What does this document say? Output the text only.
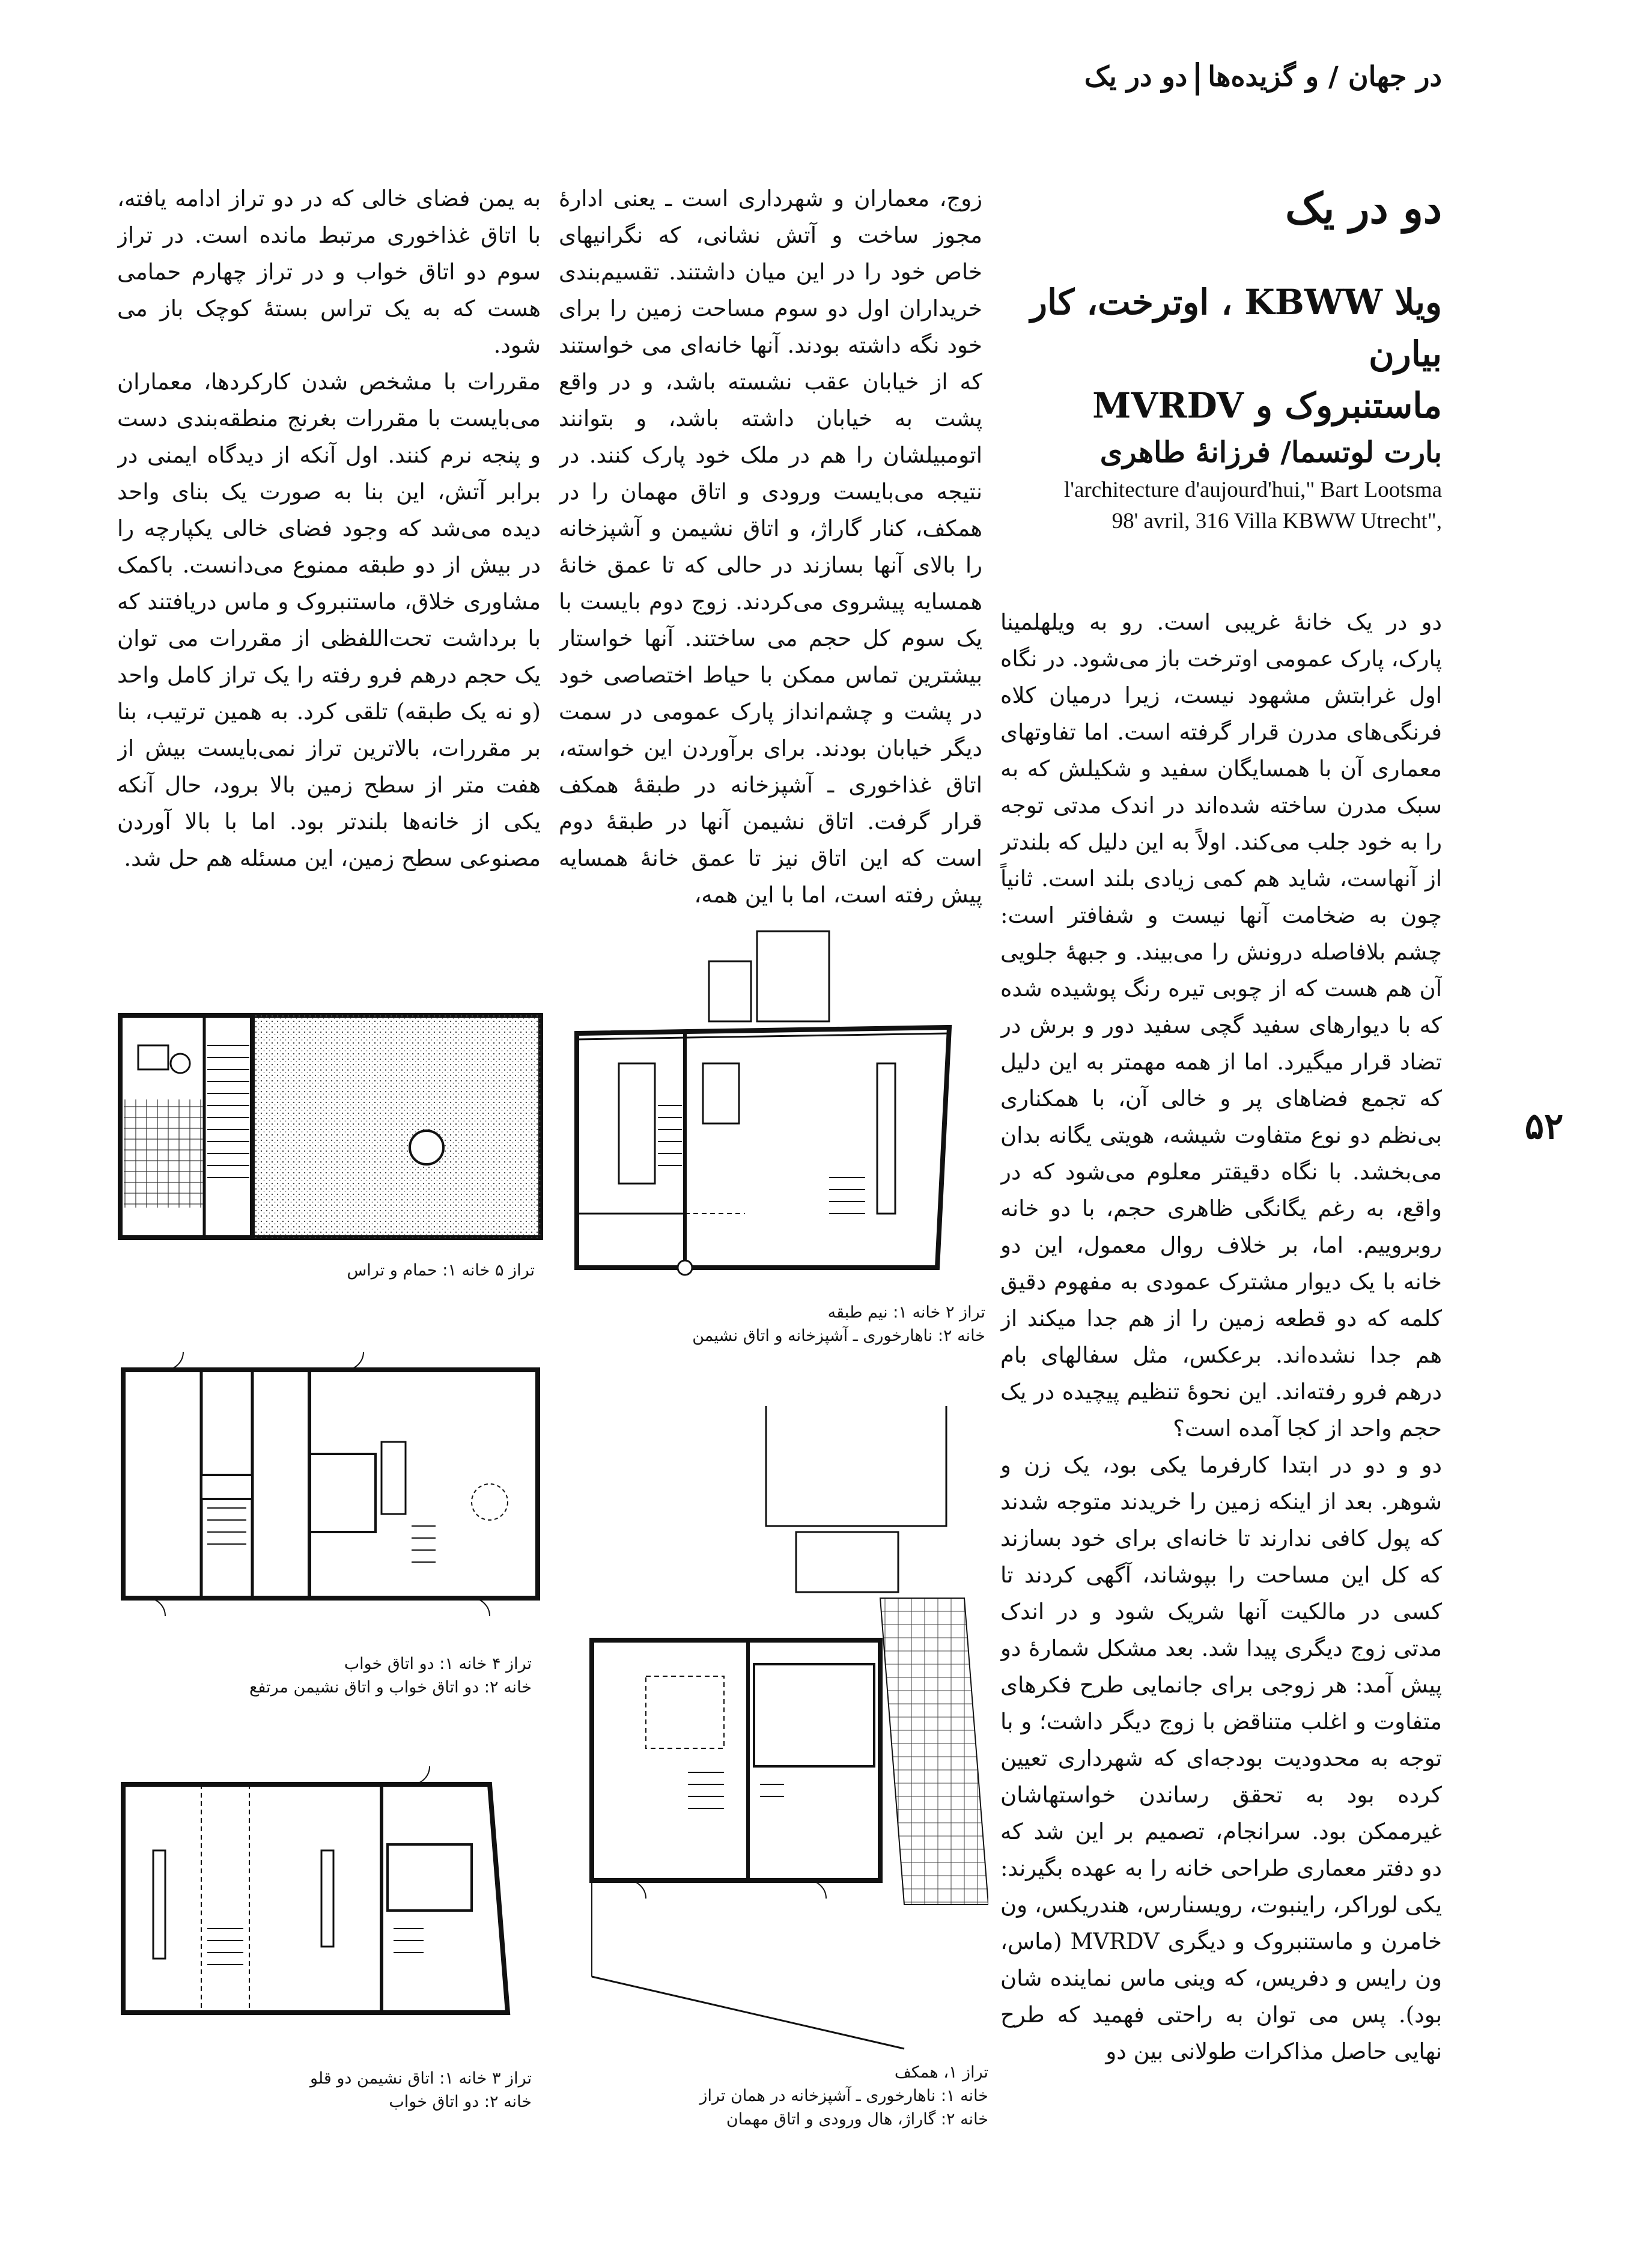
در جهان / و گزیده‌هادو در یک
۵۲
دو در یک
ویلا KBWW ، اوترخت، کار بیارن
ماستنبروک و MVRDV
بارت لوتسما/ فرزانهٔ طاهری
l'architecture d'aujourd'hui," Bart Lootsma
98' avril, 316 Villa KBWW Utrecht",

دو در یک خانهٔ غریبی است. رو به ویلهلمینا پارک، پارک عمومی اوترخت باز می‌شود. در نگاه اول غرابتش مشهود نیست، زیرا درمیان کلاه فرنگی‌های مدرن قرار گرفته است. اما تفاوتهای معماری آن با همسایگان سفید و شکیلش که به سبک مدرن ساخته شده‌اند در اندک مدتی توجه را به خود جلب می‌کند. اولاً به این دلیل که بلندتر از آنهاست، شاید هم کمی زیادی بلند است. ثانیاً چون به ضخامت آنها نیست و شفافتر است: چشم بلافاصله درونش را می‌بیند. و جبههٔ جلویی آن هم هست که از چوبی تیره رنگ پوشیده شده که با دیوارهای سفید گچی سفید دور و برش در تضاد قرار میگیرد. اما از همه مهمتر به این دلیل که تجمع فضاهای پر و خالی آن، با همکناری بی‌نظم دو نوع متفاوت شیشه، هویتی یگانه بدان می‌بخشد. با نگاه دقیقتر معلوم می‌شود که در واقع، به رغم یگانگی ظاهری حجم، با دو خانه روبروییم. اما، بر خلاف روال معمول، این دو خانه با یک دیوار مشترک عمودی به مفهوم دقیق کلمه که دو قطعه زمین را از هم جدا میکند از هم جدا نشده‌اند. برعکس، مثل سفالهای بام درهم فرو رفته‌اند. این نحوهٔ تنظیم پیچیده در یک حجم واحد از کجا آمده است؟

دو و دو در ابتدا کارفرما یکی بود، یک زن و شوهر. بعد از اینکه زمین را خریدند متوجه شدند که پول کافی ندارند تا خانه‌ای برای خود بسازند که کل این مساحت را بپوشاند، آگهی کردند تا کسی در مالکیت آنها شریک شود و در اندک مدتی زوج دیگری پیدا شد. بعد مشکل شمارهٔ دو پیش آمد: هر زوجی برای جانمایی طرح فکرهای متفاوت و اغلب متناقض با زوج دیگر داشت؛ و با توجه به محدودیت بودجه‌ای که شهرداری تعیین کرده بود به تحقق رساندن خواستهاشان غیرممکن بود. سرانجام، تصمیم بر این شد که دو دفتر معماری طراحی خانه را به عهده بگیرند: یکی لوراکر، راینبوت، رویسنارس، هندریکس، ون خامرن و ماستنبروک و دیگری MVRDV (ماس، ون رایس و دفریس، که وینی ماس نماینده شان بود). پس می توان به راحتی فهمید که طرح نهایی حاصل مذاکرات طولانی بین دو

زوج، معماران و شهرداری است ـ یعنی ادارهٔ مجوز ساخت و آتش نشانی، که نگرانیهای خاص خود را در این میان داشتند. تقسیم‌بندی خریداران اول دو سوم مساحت زمین را برای خود نگه داشته بودند. آنها خانه‌ای می خواستند که از خیابان عقب نشسته باشد، و در واقع پشت به خیابان داشته باشد، و بتوانند اتومبیلشان را هم در ملک خود پارک کنند. در نتیجه می‌بایست ورودی و اتاق مهمان را در همکف، کنار گاراژ، و اتاق نشیمن و آشپزخانه را بالای آنها بسازند در حالی که تا عمق خانهٔ همسایه پیشروی می‌کردند. زوج دوم بایست با یک سوم کل حجم می ساختند. آنها خواستار بیشترین تماس ممکن با حیاط اختصاصی خود در پشت و چشم‌انداز پارک عمومی در سمت دیگر خیابان بودند. برای برآوردن این خواسته، اتاق غذاخوری ـ آشپزخانه در طبقهٔ همکف قرار گرفت. اتاق نشیمن آنها در طبقهٔ دوم است که این اتاق نیز تا عمق خانهٔ همسایه پیش رفته است، اما با این همه،

به یمن فضای خالی که در دو تراز ادامه یافته، با اتاق غذاخوری مرتبط مانده است. در تراز سوم دو اتاق خواب و در تراز چهارم حمامی هست که به یک تراس بستهٔ کوچک باز می شود.

مقررات با مشخص شدن کارکردها، معماران می‌بایست با مقررات بغرنج منطقه‌بندی دست و پنجه نرم کنند. اول آنکه از دیدگاه ایمنی در برابر آتش، این بنا به صورت یک بنای واحد دیده می‌شد که وجود فضای خالی یکپارچه را در بیش از دو طبقه ممنوع می‌دانست. باکمک مشاوری خلاق، ماستنبروک و ماس دریافتند که با برداشت تحت‌اللفظی از مقررات می توان یک حجم درهم فرو رفته را یک تراز کامل واحد (و نه یک طبقه) تلقی کرد. به همین ترتیب، بنا بر مقررات، بالاترین تراز نمی‌بایست بیش از هفت متر از سطح زمین بالا برود، حال آنکه یکی از خانه‌ها بلندتر بود. اما با بالا آوردن مصنوعی سطح زمین، این مسئله هم حل شد.

تراز ۵ خانه ۱: حمام و تراس
تراز ۲ خانه ۱: نیم طبقه
خانه ۲: ناهارخوری ـ آشپزخانه و اتاق نشیمن
تراز ۴ خانه ۱: دو اتاق خواب
خانه ۲: دو اتاق خواب و اتاق نشیمن مرتفع
تراز ۱، همکف
خانه ۱: ناهارخوری ـ آشپزخانه در همان تراز
خانه ۲: گاراژ، هال ورودی و اتاق مهمان
تراز ۳ خانه ۱: اتاق نشیمن دو قلو
خانه ۲: دو اتاق خواب
